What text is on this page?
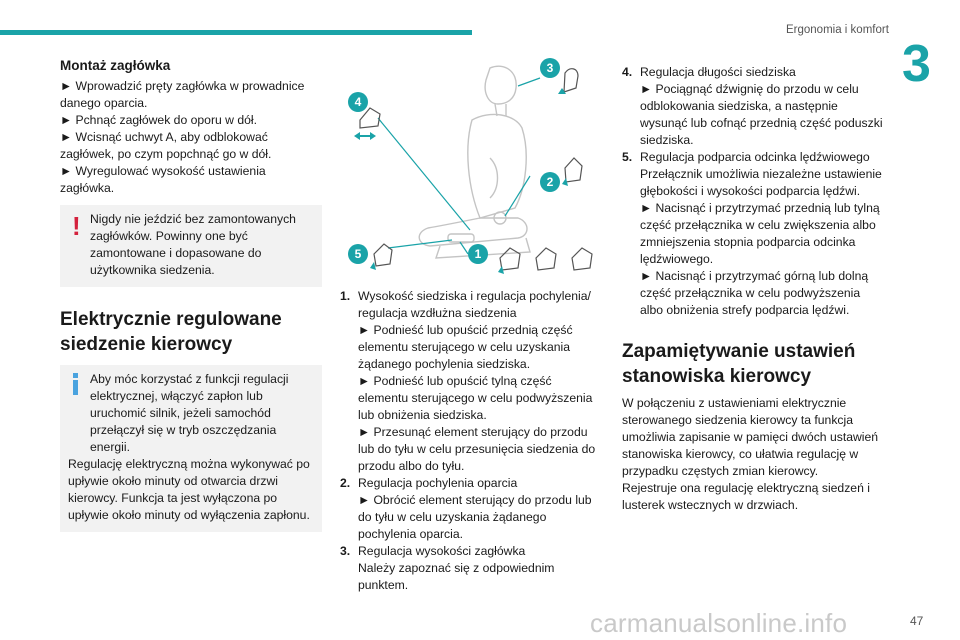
Ergonomia i komfort
3
Montaż zagłówka
► Wprowadzić pręty zagłówka w prowadnice danego oparcia.
► Pchnąć zagłówek do oporu w dół.
► Wcisnąć uchwyt A, aby odblokować zagłówek, po czym popchnąć go w dół.
► Wyregulować wysokość ustawienia zagłówka.
! Nigdy nie jeździć bez zamontowanych zagłówków. Powinny one być zamontowane i dopasowane do użytkownika siedzenia.
Elektrycznie regulowane siedzenie kierowcy
Aby móc korzystać z funkcji regulacji elektrycznej, włączyć zapłon lub uruchomić silnik, jeżeli samochód przełączył się w tryb oszczędzania energii.
Regulację elektryczną można wykonywać po upływie około minuty od otwarcia drzwi kierowcy. Funkcja ta jest wyłączona po upływie około minuty od wyłączenia zapłonu.
3
4
2
5	1
1. Wysokość siedziska i regulacja pochylenia/ regulacja wzdłużna siedzenia
► Podnieść lub opuścić przednią część elementu sterującego w celu uzyskania żądanego pochylenia siedziska.
► Podnieść lub opuścić tylną część elementu sterującego w celu podwyższenia lub obniżenia siedziska.
► Przesunąć element sterujący do przodu lub do tyłu w celu przesunięcia siedzenia do przodu albo do tyłu.
2. Regulacja pochylenia oparcia
► Obrócić element sterujący do przodu lub do tyłu w celu uzyskania żądanego pochylenia oparcia.
3. Regulacja wysokości zagłówka
Należy zapoznać się z odpowiednim punktem.
4. Regulacja długości siedziska
► Pociągnąć dźwignię do przodu w celu odblokowania siedziska, a następnie wysunąć lub cofnąć przednią część poduszki siedziska.
5. Regulacja podparcia odcinka lędźwiowego
Przełącznik umożliwia niezależne ustawienie głębokości i wysokości podparcia lędźwi.
► Nacisnąć i przytrzymać przednią lub tylną część przełącznika w celu zwiększenia albo zmniejszenia stopnia podparcia odcinka lędźwiowego.
► Nacisnąć i przytrzymać górną lub dolną część przełącznika w celu podwyższenia albo obniżenia strefy podparcia lędźwi.
Zapamiętywanie ustawień stanowiska kierowcy
W połączeniu z ustawieniami elektrycznie sterowanego siedzenia kierowcy ta funkcja umożliwia zapisanie w pamięci dwóch ustawień stanowiska kierowcy, co ułatwia regulację w przypadku częstych zmian kierowcy.
Rejestruje ona regulację elektryczną siedzeń i lusterek wstecznych w drzwiach.
carmanualsonline.info	47
